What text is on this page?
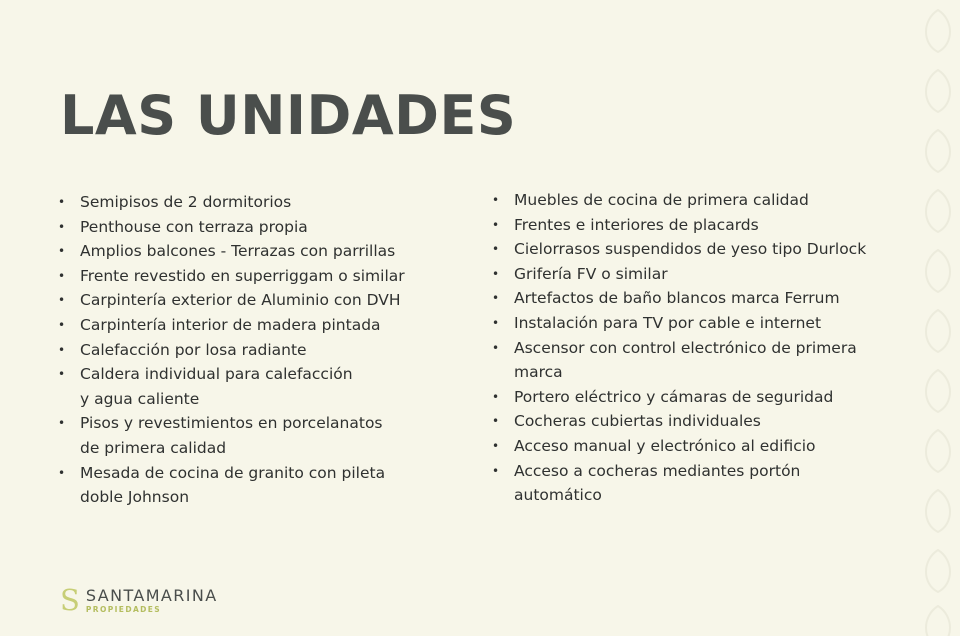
LAS UNIDADES
• Semipisos de 2 dormitorios
• Penthouse con terraza propia
• Amplios balcones - Terrazas con parrillas
• Frente revestido en superriggam o similar
• Carpintería exterior de Aluminio con DVH
• Carpintería interior de madera pintada
• Calefacción por losa radiante
• Caldera individual para calefacción
y agua caliente
• Pisos y revestimientos en porcelanatos
de primera calidad
• Mesada de cocina de granito con pileta
doble Johnson
• Muebles de cocina de primera calidad
• Frentes e interiores de placards
• Cielorrasos suspendidos de yeso tipo Durlock
• Grifería FV o similar
• Artefactos de baño blancos marca Ferrum
• Instalación para TV por cable e internet
• Ascensor con control electrónico de primera
marca
• Portero eléctrico y cámaras de seguridad
• Cocheras cubiertas individuales
• Acceso manual y electrónico al edificio
• Acceso a cocheras mediantes portón automático
S SANTAMARINA
PROPIEDADES
